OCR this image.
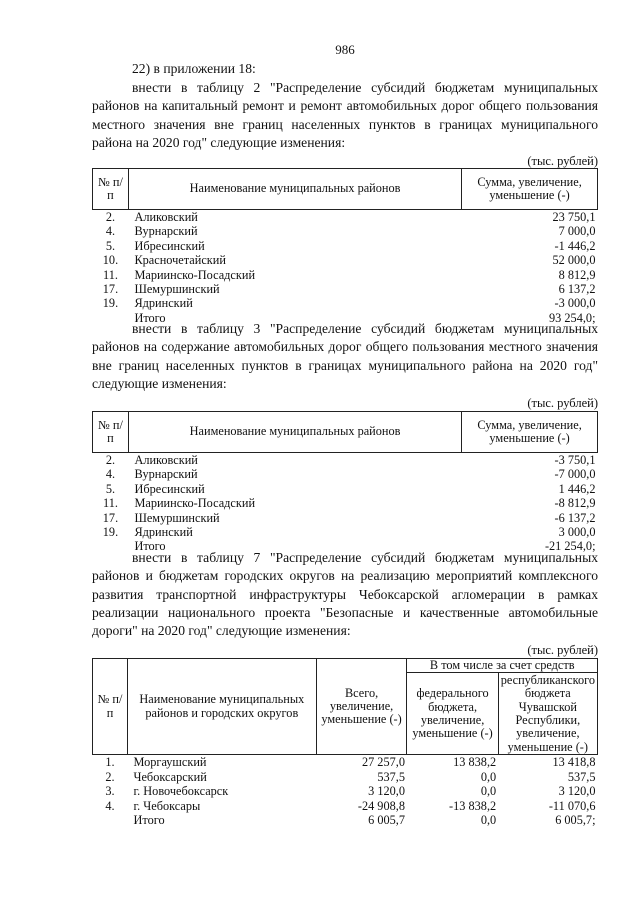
986
22) в приложении 18:
внести в таблицу 2 "Распределение субсидий бюджетам муниципальных районов на капитальный ремонт и ремонт автомобильных дорог общего пользования местного значения вне границ населенных пунктов в границах муниципального района на 2020 год" следующие изменения:
(тыс. рублей)
№ п/п	Наименование муниципальных районов	Сумма, увеличение, уменьшение (-)
2.	Аликовский	23 750,1
4.	Вурнарский	7 000,0
5.	Ибресинский	-1 446,2
10.	Красночетайский	52 000,0
11.	Мариинско-Посадский	8 812,9
17.	Шемуршинский	6 137,2
19.	Ядринский	-3 000,0
	Итого	93 254,0;
внести в таблицу 3 "Распределение субсидий бюджетам муниципальных районов на содержание автомобильных дорог общего пользования местного значения вне границ населенных пунктов в границах муниципального района на 2020 год" следующие изменения:
(тыс. рублей)
№ п/п	Наименование муниципальных районов	Сумма, увеличение, уменьшение (-)
2.	Аликовский	-3 750,1
4.	Вурнарский	-7 000,0
5.	Ибресинский	1 446,2
11.	Мариинско-Посадский	-8 812,9
17.	Шемуршинский	-6 137,2
19.	Ядринский	3 000,0
	Итого	-21 254,0;
внести в таблицу 7 "Распределение субсидий бюджетам муниципальных районов и бюджетам городских округов на реализацию мероприятий комплексного развития транспортной инфраструктуры Чебоксарской агломерации в рамках реализации национального проекта "Безопасные и качественные автомобильные дороги" на 2020 год" следующие изменения:
(тыс. рублей)
№ п/п	Наименование муниципальных районов и городских округов	Всего, увеличение, уменьшение (-)	В том числе за счет средств	
			федерального бюджета, увеличение, уменьшение (-)	республиканского бюджета Чувашской Республики, увеличение, уменьшение (-)
1.	Моргаушский	27 257,0	13 838,2	13 418,8
2.	Чебоксарский	537,5	0,0	537,5
3.	г. Новочебоксарск	3 120,0	0,0	3 120,0
4.	г. Чебоксары	-24 908,8	-13 838,2	-11 070,6
	Итого	6 005,7	0,0	6 005,7;
